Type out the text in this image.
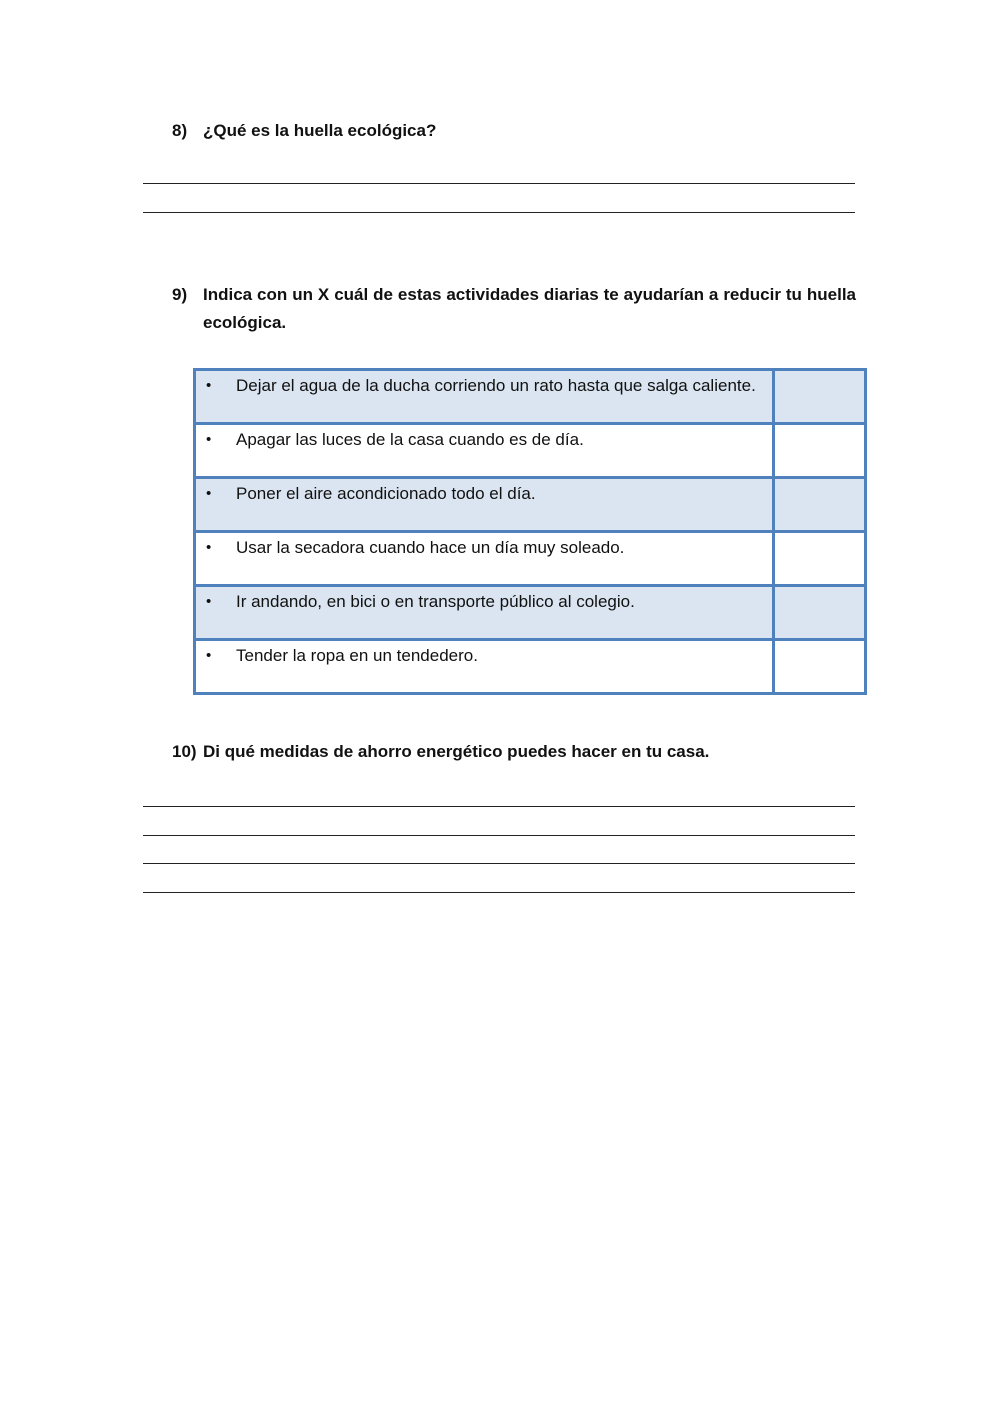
8) ¿Qué es la huella ecológica?
9) Indica con un X cuál de estas actividades diarias te ayudarían a reducir tu huella ecológica.
• Dejar el agua de la ducha corriendo un rato hasta que salga caliente.	

• Apagar las luces de la casa cuando es de día.	

• Poner el aire acondicionado todo el día.	

• Usar la secadora cuando hace un día muy soleado.	

• Ir andando, en bici o en transporte público al colegio.	

• Tender la ropa en un tendedero.	

10) Di qué medidas de ahorro energético puedes hacer en tu casa.
